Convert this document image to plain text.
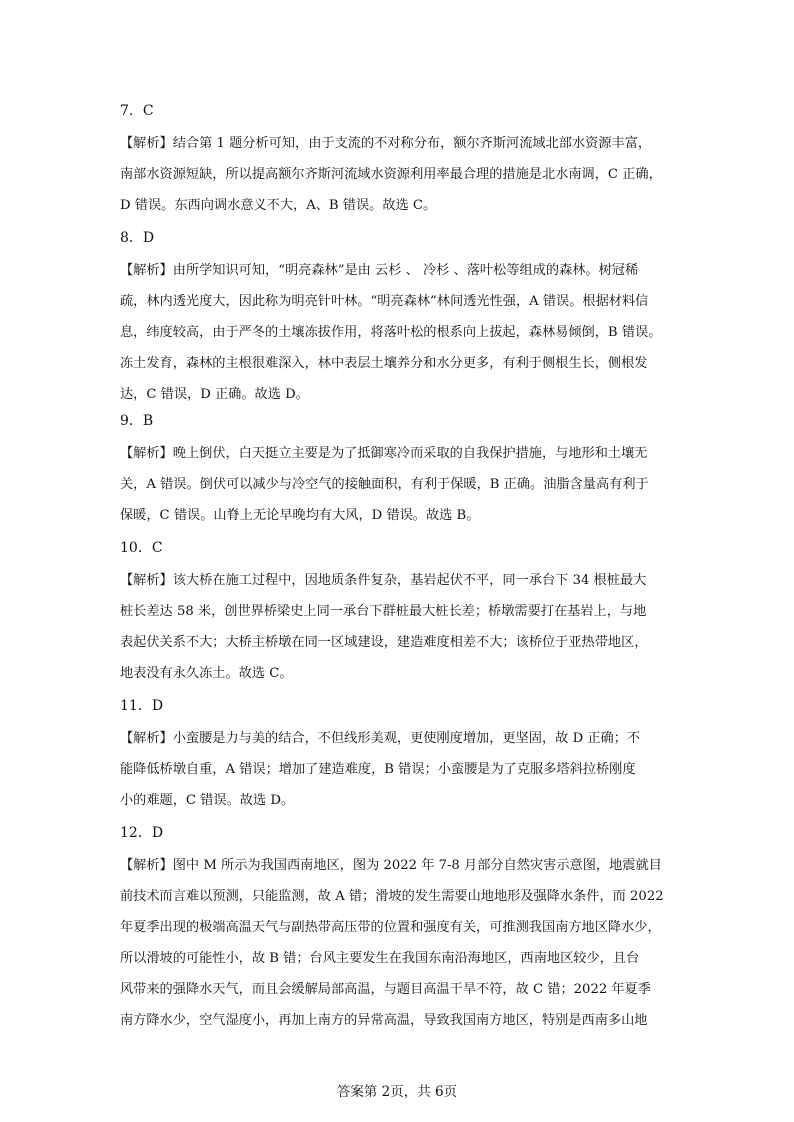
7．C

【解析】结合第 1 题分析可知，由于支流的不对称分布，额尔齐斯河流域北部水资源丰富，
南部水资源短缺，所以提高额尔齐斯河流域水资源利用率最合理的措施是北水南调，C 正确，
D 错误。东西向调水意义不大，A、B 错误。故选 C。

8．D

【解析】由所学知识可知，“明亮森林”是由 云杉 、 冷杉 、落叶松等组成的森林。树冠稀
疏，林内透光度大，因此称为明亮针叶林。“明亮森林”林间透光性强，A 错误。根据材料信
息，纬度较高，由于严冬的土壤冻拔作用，将落叶松的根系向上拔起，森林易倾倒，B 错误。
冻土发育，森林的主根很难深入，林中表层土壤养分和水分更多，有利于侧根生长，侧根发
达，C 错误，D 正确。故选 D。

9．B

【解析】晚上倒伏，白天挺立主要是为了抵御寒冷而采取的自我保护措施，与地形和土壤无
关，A 错误。倒伏可以减少与冷空气的接触面积，有利于保暖，B 正确。油脂含量高有利于
保暖，C 错误。山脊上无论早晚均有大风，D 错误。故选 B。

10．C

【解析】该大桥在施工过程中，因地质条件复杂，基岩起伏不平，同一承台下 34 根桩最大
桩长差达 58 米，创世界桥梁史上同一承台下群桩最大桩长差；桥墩需要打在基岩上，与地
表起伏关系不大；大桥主桥墩在同一区域建设，建造难度相差不大；该桥位于亚热带地区，
地表没有永久冻土。故选 C。

11．D

【解析】小蛮腰是力与美的结合，不但线形美观，更使刚度增加，更坚固，故 D 正确；不
能降低桥墩自重，A 错误；增加了建造难度，B 错误；小蛮腰是为了克服多塔斜拉桥刚度
小的难题，C 错误。故选 D。

12．D

【解析】图中 M 所示为我国西南地区，图为 2022 年 7-8 月部分自然灾害示意图，地震就目
前技术而言难以预测，只能监测，故 A 错；滑坡的发生需要山地地形及强降水条件，而 2022
年夏季出现的极端高温天气与副热带高压带的位置和强度有关，可推测我国南方地区降水少，
所以滑坡的可能性小，故 B 错；台风主要发生在我国东南沿海地区，西南地区较少，且台
风带来的强降水天气，而且会缓解局部高温，与题目高温干旱不符，故 C 错；2022 年夏季
南方降水少，空气湿度小，再加上南方的异常高温，导致我国南方地区，特别是西南多山地
答案第 2页，共 6页
